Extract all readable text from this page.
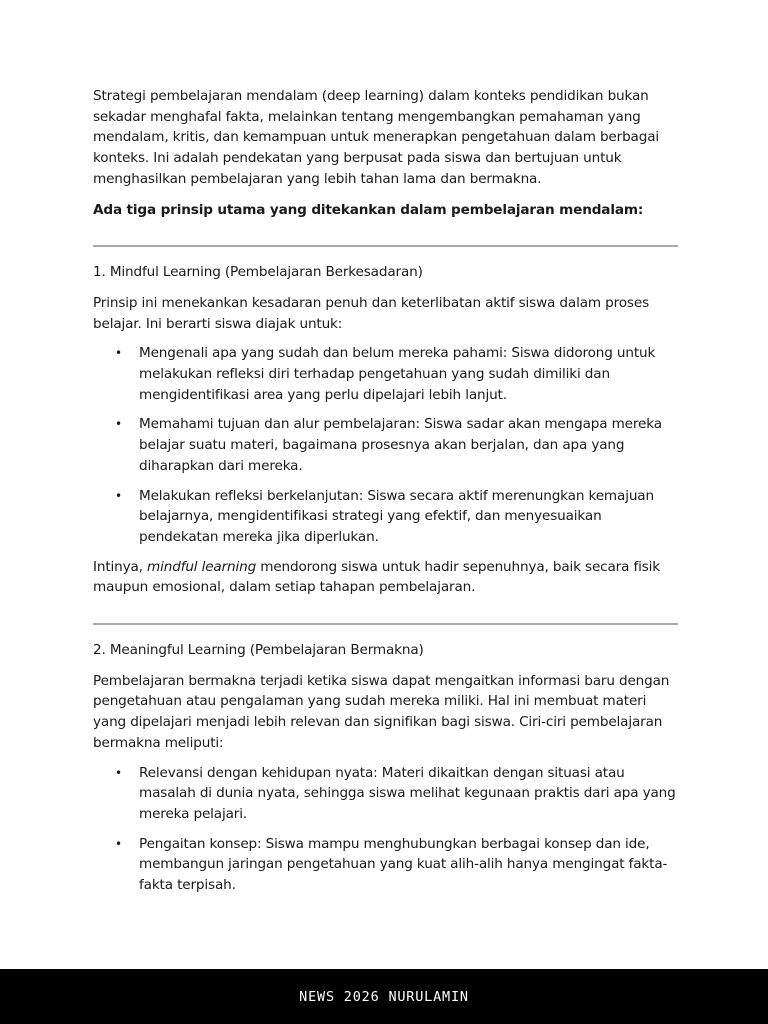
Strategi pembelajaran mendalam (deep learning) dalam konteks pendidikan bukan sekadar menghafal fakta, melainkan tentang mengembangkan pemahaman yang mendalam, kritis, dan kemampuan untuk menerapkan pengetahuan dalam berbagai konteks. Ini adalah pendekatan yang berpusat pada siswa dan bertujuan untuk menghasilkan pembelajaran yang lebih tahan lama dan bermakna.

Ada tiga prinsip utama yang ditekankan dalam pembelajaran mendalam:

1. Mindful Learning (Pembelajaran Berkesadaran)

Prinsip ini menekankan kesadaran penuh dan keterlibatan aktif siswa dalam proses belajar. Ini berarti siswa diajak untuk:

• Mengenali apa yang sudah dan belum mereka pahami: Siswa didorong untuk melakukan refleksi diri terhadap pengetahuan yang sudah dimiliki dan mengidentifikasi area yang perlu dipelajari lebih lanjut.
• Memahami tujuan dan alur pembelajaran: Siswa sadar akan mengapa mereka belajar suatu materi, bagaimana prosesnya akan berjalan, dan apa yang diharapkan dari mereka.
• Melakukan refleksi berkelanjutan: Siswa secara aktif merenungkan kemajuan belajarnya, mengidentifikasi strategi yang efektif, dan menyesuaikan pendekatan mereka jika diperlukan.

Intinya, mindful learning mendorong siswa untuk hadir sepenuhnya, baik secara fisik maupun emosional, dalam setiap tahapan pembelajaran.

2. Meaningful Learning (Pembelajaran Bermakna)

Pembelajaran bermakna terjadi ketika siswa dapat mengaitkan informasi baru dengan pengetahuan atau pengalaman yang sudah mereka miliki. Hal ini membuat materi yang dipelajari menjadi lebih relevan dan signifikan bagi siswa. Ciri-ciri pembelajaran bermakna meliputi:

• Relevansi dengan kehidupan nyata: Materi dikaitkan dengan situasi atau masalah di dunia nyata, sehingga siswa melihat kegunaan praktis dari apa yang mereka pelajari.
• Pengaitan konsep: Siswa mampu menghubungkan berbagai konsep dan ide, membangun jaringan pengetahuan yang kuat alih-alih hanya mengingat fakta-fakta terpisah.
NEWS 2026 NURULAMIN
